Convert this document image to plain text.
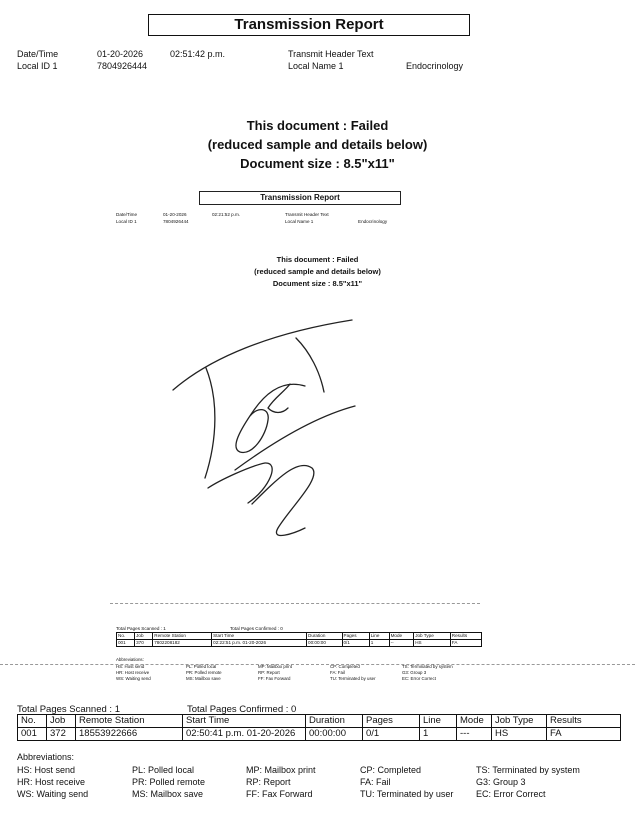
Transmission Report
Date/Time	01-20-2026	02:51:42 p.m.	Transmit Header Text
Local ID 1	7804926444	Local Name 1	Endocrinology
This document : Failed
(reduced sample and details below)
Document size : 8.5"x11"
Transmission Report
Date/Time	01-20-2026	02:21:52 p.m.	Transmit Header Text
Local ID 1	7804926444	Local Name 1	Endocrinology
This document : Failed
(reduced sample and details below)
Document size : 8.5"x11"
Total Pages Scanned : 1	Total Pages Confirmed : 0
No.	Job	Remote Station	Start Time	Duration	Pages	Line	Mode	Job Type	Results
001	370	7802208182	02:22:51 p.m. 01-20-2026	00:00:00	0/1	1	--	HS	FA
Abbreviations:
HS: Host send	PL: Polled local	MP: Mailbox print	CP: Completed	TS: Terminated by system
HR: Host receive	PR: Polled remote	RP: Report	FA: Fail	G3: Group 3
WS: Waiting send	MS: Mailbox save	FF: Fax Forward	TU: Terminated by user	EC: Error Correct
Total Pages Scanned : 1	Total Pages Confirmed : 0
No.	Job	Remote Station	Start Time	Duration	Pages	Line	Mode	Job Type	Results
001	372	18553922666	02:50:41 p.m. 01-20-2026	00:00:00	0/1	1	---	HS	FA
Abbreviations:
HS: Host send	PL: Polled local	MP: Mailbox print	CP: Completed	TS: Terminated by system
HR: Host receive	PR: Polled remote	RP: Report	FA: Fail	G3: Group 3
WS: Waiting send	MS: Mailbox save	FF: Fax Forward	TU: Terminated by user	EC: Error Correct
